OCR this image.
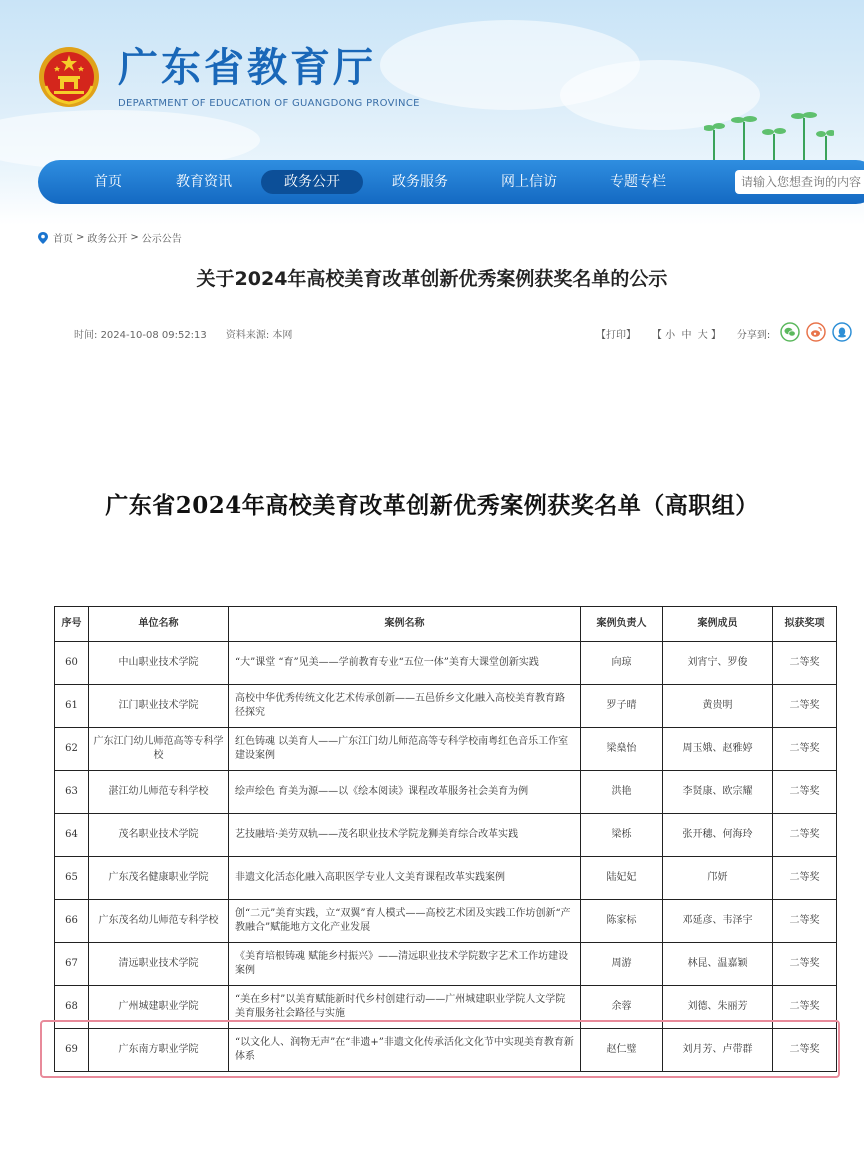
广东省教育厅
DEPARTMENT OF EDUCATION OF GUANGDONG PROVINCE
首页	教育资讯	政务公开	政务服务	网上信访	专题专栏
请输入您想查询的内容
首页 > 政务公开 > 公示公告
关于2024年高校美育改革创新优秀案例获奖名单的公示
时间: 2024-10-08 09:52:13 资料来源: 本网	【打印】 【 小  中  大 】 分享到:
广东省2024年高校美育改革创新优秀案例获奖名单（高职组）
序号	单位名称	案例名称	案例负责人	案例成员	拟获奖项
60	中山职业技术学院	“大”课堂 “育”见美——学前教育专业“五位一体”美育大课堂创新实践	向琼	刘宵宁、罗俊	二等奖
61	江门职业技术学院	高校中华优秀传统文化艺术传承创新——五邑侨乡文化融入高校美育教育路径探究	罗子晴	黄贵明	二等奖
62	广东江门幼儿师范高等专科学校	红色铸魂 以美育人——广东江门幼儿师范高等专科学校南粤红色音乐工作室建设案例	梁燊怡	周玉娥、赵雅婷	二等奖
63	湛江幼儿师范专科学校	绘声绘色 育美为源——以《绘本阅读》课程改革服务社会美育为例	洪艳	李贤康、欧宗耀	二等奖
64	茂名职业技术学院	艺技融培·美劳双轨——茂名职业技术学院龙狮美育综合改革实践	梁栎	张开穗、何海玲	二等奖
65	广东茂名健康职业学院	非遗文化活态化融入高职医学专业人文美育课程改革实践案例	陆妃妃	邝妍	二等奖
66	广东茂名幼儿师范专科学校	创“二元”美育实践，立“双翼”育人模式——高校艺术团及实践工作坊创新“产教融合”赋能地方文化产业发展	陈家标	邓延彦、韦泽宇	二等奖
67	清远职业技术学院	《美育培根铸魂 赋能乡村振兴》——清远职业技术学院数字艺术工作坊建设案例	周游	林昆、温嘉颖	二等奖
68	广州城建职业学院	“美在乡村”以美育赋能新时代乡村创建行动——广州城建职业学院人文学院美育服务社会路径与实施	余蓉	刘德、朱丽芳	二等奖
69	广东南方职业学院	“以文化人、润物无声”在“非遗+”非遗文化传承活化文化节中实现美育教育新体系	赵仁璧	刘月芳、卢带群	二等奖
